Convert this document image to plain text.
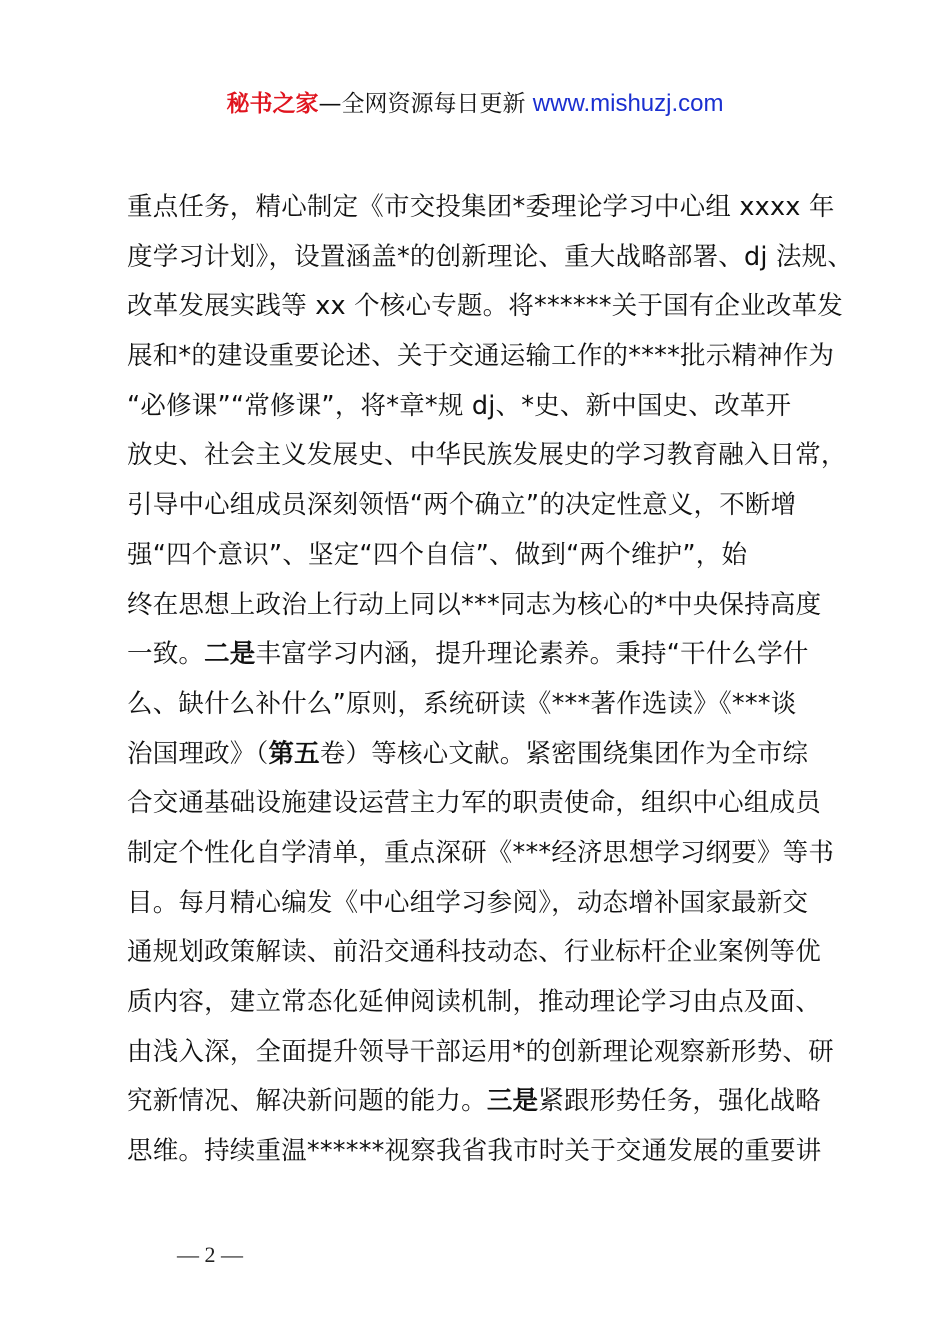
秘书之家—全网资源每日更新 www.mishuzj.com
重点任务，精心制定《市交投集团*委理论学习中心组 xxxx 年
度学习计划》，设置涵盖*的创新理论、重大战略部署、dj 法规、
改革发展实践等 xx 个核心专题。将******关于国有企业改革发
展和*的建设重要论述、关于交通运输工作的****批示精神作为
“必修课”“常修课”，将*章*规 dj、*史、新中国史、改革开
放史、社会主义发展史、中华民族发展史的学习教育融入日常，
引导中心组成员深刻领悟“两个确立”的决定性意义，不断增
强“四个意识”、坚定“四个自信”、做到“两个维护”，始
终在思想上政治上行动上同以***同志为核心的*中央保持高度
一致。二是丰富学习内涵，提升理论素养。秉持“干什么学什
么、缺什么补什么”原则，系统研读《***著作选读》《***谈
治国理政》（第五卷）等核心文献。紧密围绕集团作为全市综
合交通基础设施建设运营主力军的职责使命，组织中心组成员
制定个性化自学清单，重点深研《***经济思想学习纲要》等书
目。每月精心编发《中心组学习参阅》，动态增补国家最新交
通规划政策解读、前沿交通科技动态、行业标杆企业案例等优
质内容，建立常态化延伸阅读机制，推动理论学习由点及面、
由浅入深，全面提升领导干部运用*的创新理论观察新形势、研
究新情况、解决新问题的能力。三是紧跟形势任务，强化战略
思维。持续重温******视察我省我市时关于交通发展的重要讲
— 2 —
